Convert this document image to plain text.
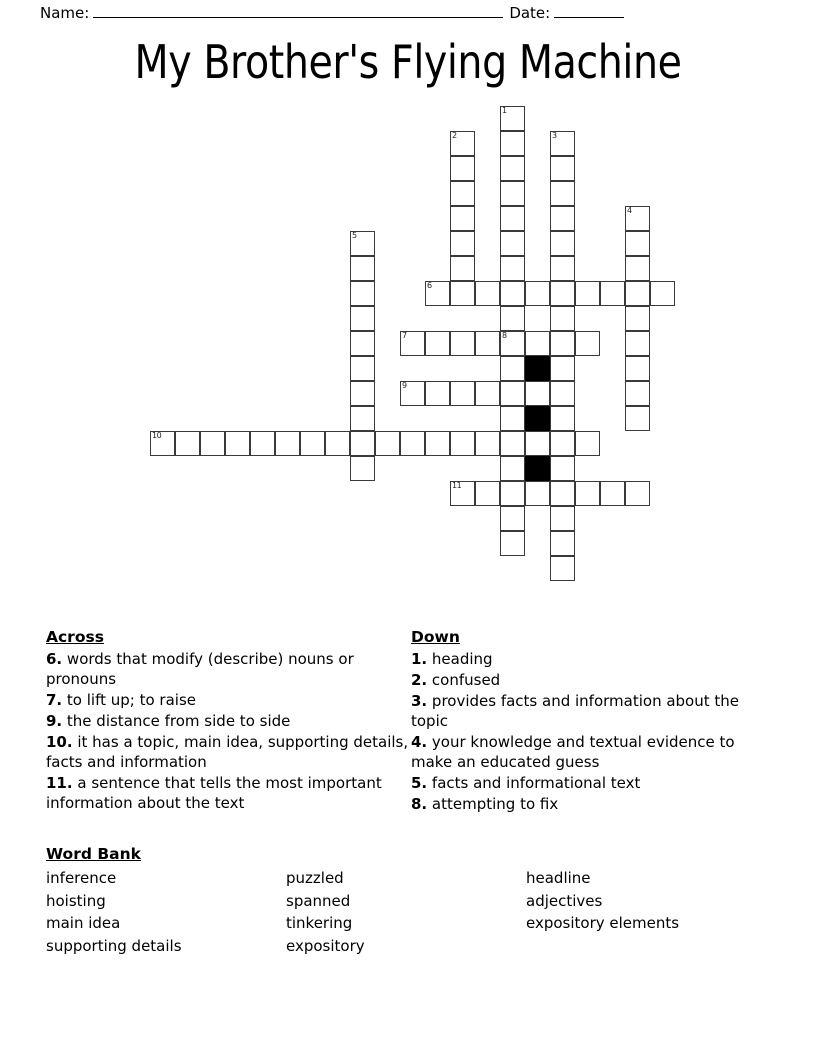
Name:	Date:
My Brother's Flying Machine
1
8
2	3
4
5
6
7
9
10
11
Across
6. words that modify (describe) nouns or pronouns
7. to lift up; to raise
9. the distance from side to side
10. it has a topic, main idea, supporting details, facts and information
11. a sentence that tells the most important information about the text
Down
1. heading
2. confused
3. provides facts and information about the topic
4. your knowledge and textual evidence to make an educated guess
5. facts and informational text
8. attempting to fix
Word Bank
inference
hoisting
main idea
supporting details
puzzled
spanned
tinkering
expository
headline
adjectives
expository elements
